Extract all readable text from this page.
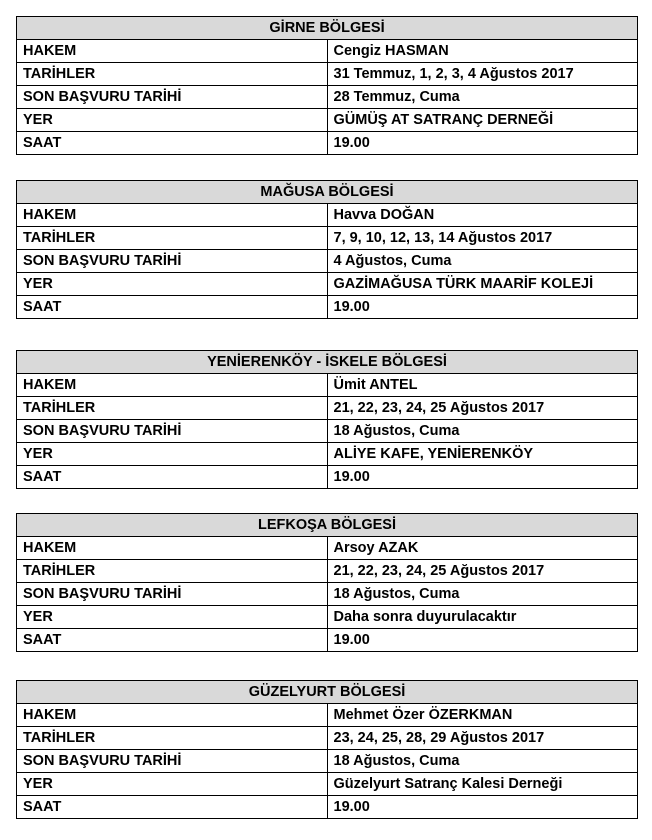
GİRNE BÖLGESİ	
HAKEM	Cengiz HASMAN
TARİHLER	31 Temmuz, 1, 2, 3, 4 Ağustos 2017
SON BAŞVURU TARİHİ	28 Temmuz, Cuma
YER	GÜMÜŞ AT SATRANÇ DERNEĞİ
SAAT	19.00
MAĞUSA BÖLGESİ	
HAKEM	Havva DOĞAN
TARİHLER	7, 9, 10, 12, 13, 14 Ağustos 2017
SON BAŞVURU TARİHİ	4 Ağustos, Cuma
YER	GAZİMAĞUSA TÜRK MAARİF KOLEJİ
SAAT	19.00
YENİERENKÖY - İSKELE BÖLGESİ	
HAKEM	Ümit ANTEL
TARİHLER	21, 22, 23, 24, 25 Ağustos 2017
SON BAŞVURU TARİHİ	18 Ağustos, Cuma
YER	ALİYE KAFE, YENİERENKÖY
SAAT	19.00
LEFKOŞA BÖLGESİ	
HAKEM	Arsoy AZAK
TARİHLER	21, 22, 23, 24, 25 Ağustos 2017
SON BAŞVURU TARİHİ	18 Ağustos, Cuma
YER	Daha sonra duyurulacaktır
SAAT	19.00
GÜZELYURT BÖLGESİ	
HAKEM	Mehmet Özer ÖZERKMAN
TARİHLER	23, 24, 25, 28, 29 Ağustos 2017
SON BAŞVURU TARİHİ	18 Ağustos, Cuma
YER	Güzelyurt Satranç Kalesi Derneği
SAAT	19.00
